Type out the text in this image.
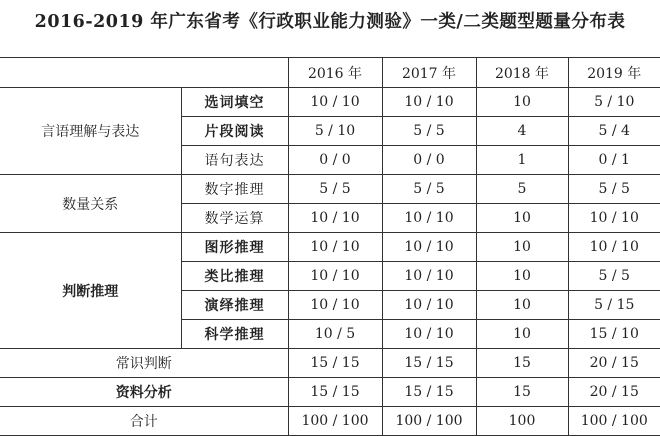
2016-2019 年广东省考《行政职业能力测验》一类/二类题型题量分布表
		2016 年	2017 年	2018 年	2019 年
言语理解与表达	选词填空	10 / 10	10 / 10	10	5 / 10
	片段阅读	5 / 10	5 / 5	4	5 / 4
	语句表达	0 / 0	0 / 0	1	0 / 1
数量关系	数字推理	5 / 5	5 / 5	5	5 / 5
	数学运算	10 / 10	10 / 10	10	10 / 10
判断推理	图形推理	10 / 10	10 / 10	10	10 / 10
	类比推理	10 / 10	10 / 10	10	5 / 5
	演绎推理	10 / 10	10 / 10	10	5 / 15
	科学推理	10 / 5	10 / 10	10	15 / 10
常识判断		15 / 15	15 / 15	15	20 / 15
资料分析		15 / 15	15 / 15	15	20 / 15
合计		100 / 100	100 / 100	100	100 / 100
